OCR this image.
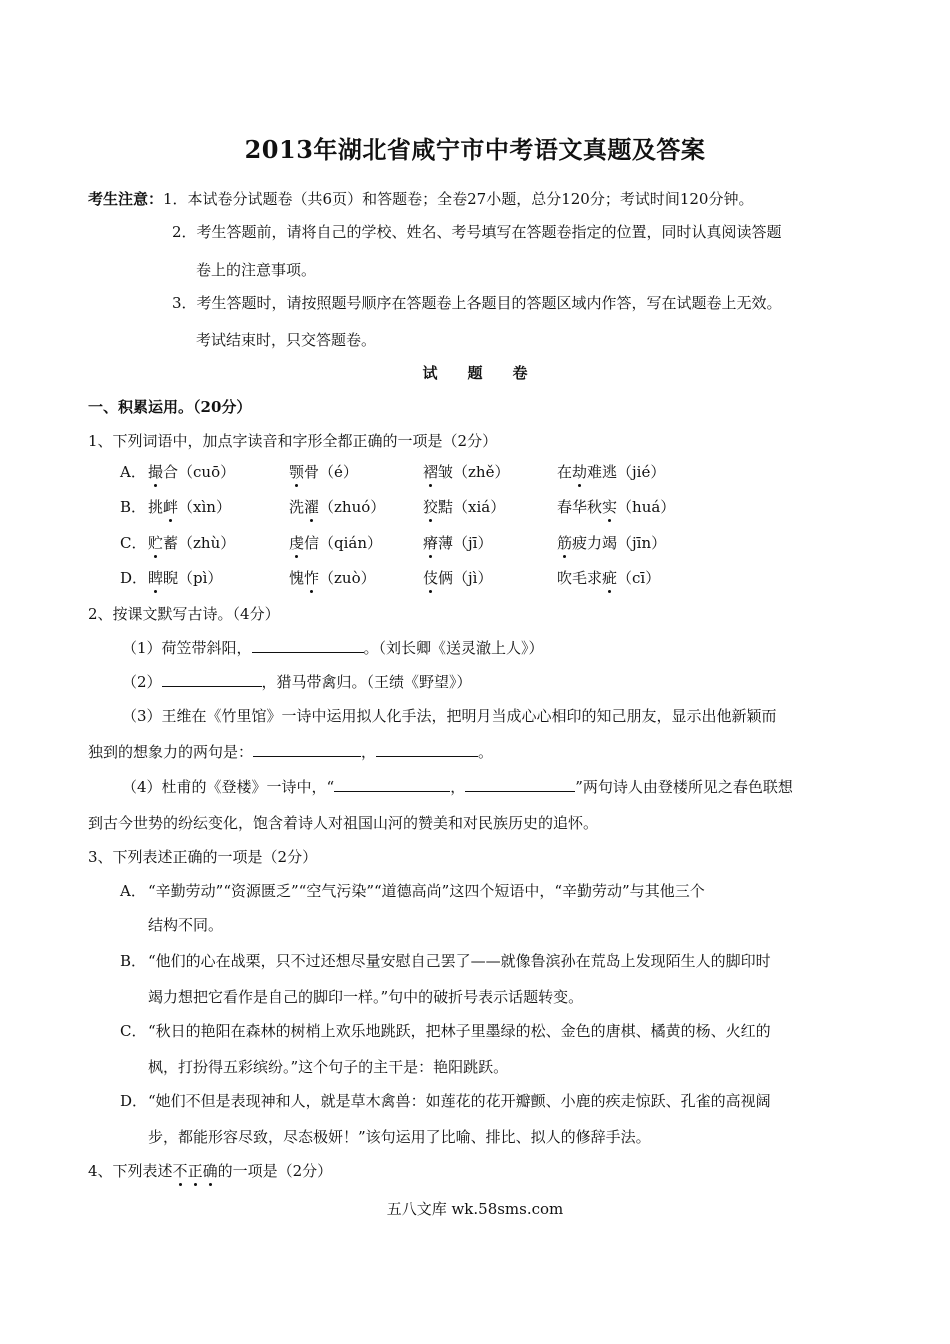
2013年湖北省咸宁市中考语文真题及答案
考生注意：1．本试卷分试题卷（共6页）和答题卷；全卷27小题，总分120分；考试时间120分钟。
2．考生答题前，请将自己的学校、姓名、考号填写在答题卷指定的位置，同时认真阅读答题
卷上的注意事项。
3．考生答题时，请按照题号顺序在答题卷上各题目的答题区域内作答，写在试题卷上无效。
考试结束时，只交答题卷。
试　　题　　卷
一、积累运用。（20分）
1、下列词语中，加点字读音和字形全都正确的一项是（2分）
A． 撮合（cuō）	颚骨（é）	褶皱（zhě）	在劫难逃（jié）
B． 挑衅（xìn）	洗濯（zhuó）	狡黠（xiá）	春华秋实（huá）
C． 贮蓄（zhù）	虔信（qián）	瘠薄（jī）	筋疲力竭（jīn）
D． 睥睨（pì）	愧怍（zuò）	伎俩（jì）	吹毛求疵（cī）
2、按课文默写古诗。（4分）
（1）荷笠带斜阳，	。（刘长卿《送灵澈上人》）
（2）	，猎马带禽归。（王绩《野望》）
（3）王维在《竹里馆》一诗中运用拟人化手法，把明月当成心心相印的知己朋友，显示出他新颖而
独到的想象力的两句是：	，	。
（4）杜甫的《登楼》一诗中，“	，	”两句诗人由登楼所见之春色联想
到古今世势的纷纭变化，饱含着诗人对祖国山河的赞美和对民族历史的追怀。
3、下列表述正确的一项是（2分）
A． “辛勤劳动”“资源匮乏”“空气污染”“道德高尚”这四个短语中，“辛勤劳动”与其他三个
结构不同。
B． “他们的心在战栗，只不过还想尽量安慰自己罢了——就像鲁滨孙在荒岛上发现陌生人的脚印时
竭力想把它看作是自己的脚印一样。”句中的破折号表示话题转变。
C． “秋日的艳阳在森林的树梢上欢乐地跳跃，把林子里墨绿的松、金色的唐棋、橘黄的杨、火红的
枫，打扮得五彩缤纷。”这个句子的主干是：艳阳跳跃。
D． “她们不但是表现神和人，就是草木禽兽：如莲花的花开瓣颤、小鹿的疾走惊跃、孔雀的高视阔
步，都能形容尽致，尽态极妍！”该句运用了比喻、排比、拟人的修辞手法。
4、下列表述不正确的一项是（2分）
五八文库 wk.58sms.com
